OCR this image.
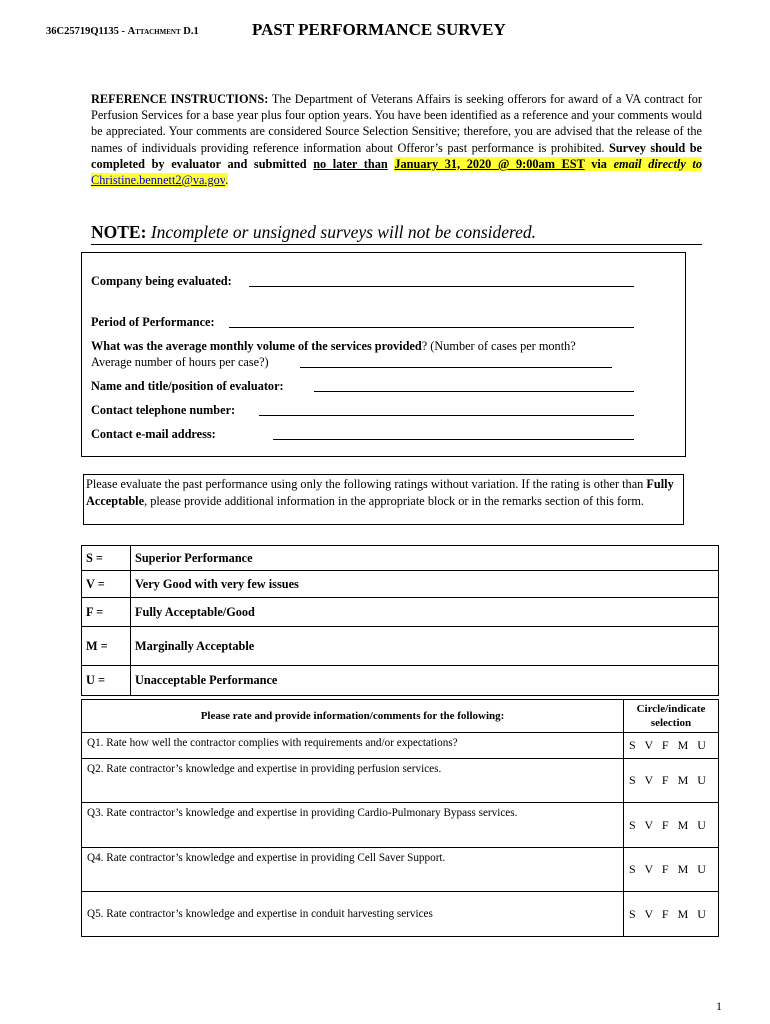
36C25719Q1135 - Attachment D.1	PAST PERFORMANCE SURVEY
REFERENCE INSTRUCTIONS: The Department of Veterans Affairs is seeking offerors for award of a VA contract for Perfusion Services for a base year plus four option years. You have been identified as a reference and your comments would be appreciated. Your comments are considered Source Selection Sensitive; therefore, you are advised that the release of the names of individuals providing reference information about Offeror’s past performance is prohibited. Survey should be completed by evaluator and submitted no later than January 31, 2020 @ 9:00am EST via email directly to Christine.bennett2@va.gov.
NOTE: Incomplete or unsigned surveys will not be considered.
Company being evaluated:
Period of Performance:
What was the average monthly volume of the services provided? (Number of cases per month?
Average number of hours per case?)
Name and title/position of evaluator:
Contact telephone number:
Contact e-mail address:
Please evaluate the past performance using only the following ratings without variation. If the rating is other than Fully Acceptable, please provide additional information in the appropriate block or in the remarks section of this form.
S =	Superior Performance
V =	Very Good with very few issues
F =	Fully Acceptable/Good
M =	Marginally Acceptable
U =	Unacceptable Performance
Please rate and provide information/comments for the following:	Circle/indicate selection
Q1. Rate how well the contractor complies with requirements and/or expectations?	S   V   F   M   U
Q2. Rate contractor’s knowledge and expertise in providing perfusion services.	S   V   F   M   U
Q3. Rate contractor’s knowledge and expertise in providing Cardio-Pulmonary Bypass services.	S   V   F   M   U
Q4. Rate contractor’s knowledge and expertise in providing Cell Saver Support.	S   V   F   M   U
Q5. Rate contractor’s knowledge and expertise in conduit harvesting services	S   V   F   M   U
1
